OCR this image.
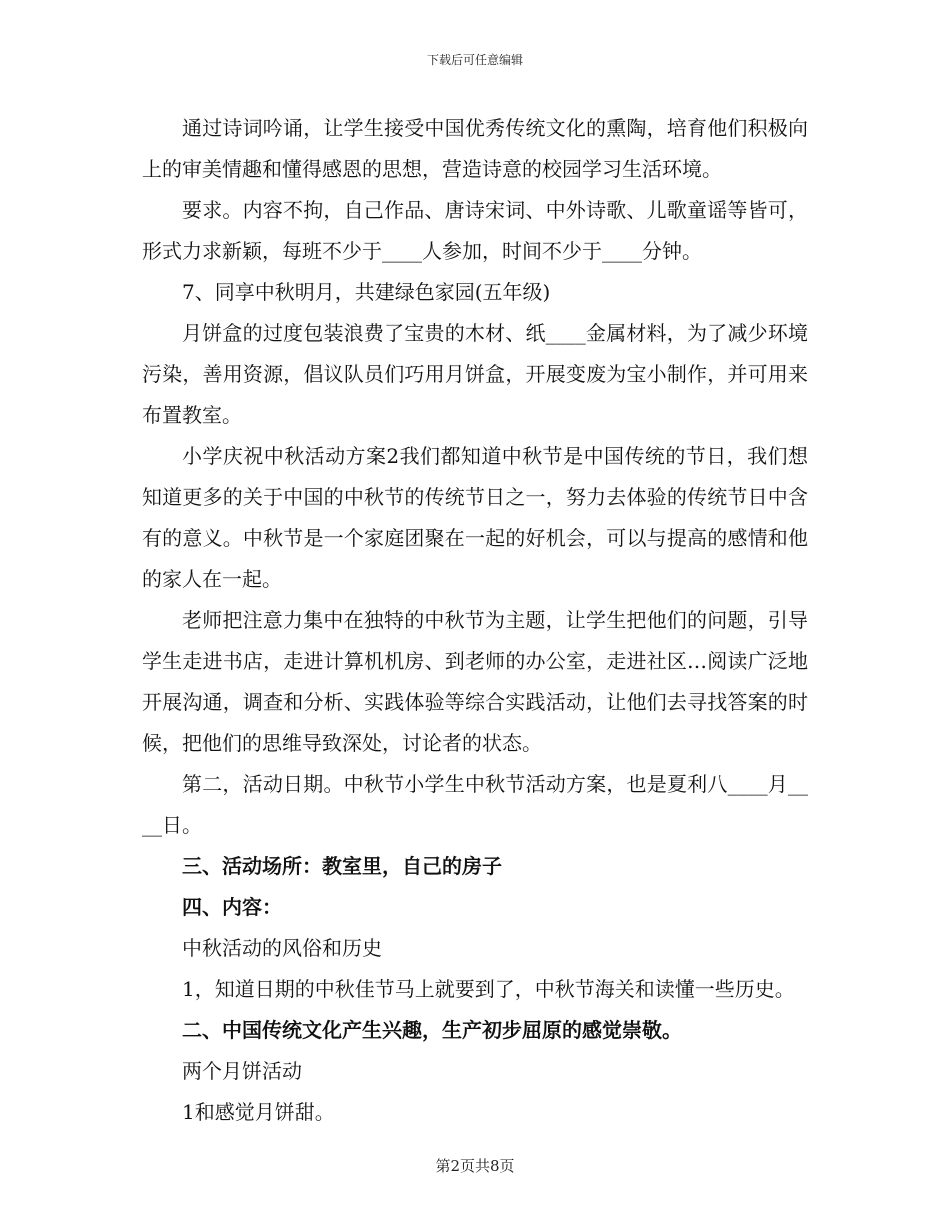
下载后可任意编辑

通过诗词吟诵，让学生接受中国优秀传统文化的熏陶，培育他们积极向上的审美情趣和懂得感恩的思想，营造诗意的校园学习生活环境。

要求。内容不拘，自己作品、唐诗宋词、中外诗歌、儿歌童谣等皆可，形式力求新颖，每班不少于____人参加，时间不少于____分钟。

7、同享中秋明月，共建绿色家园(五年级)

月饼盒的过度包装浪费了宝贵的木材、纸____金属材料，为了减少环境污染，善用资源，倡议队员们巧用月饼盒，开展变废为宝小制作，并可用来布置教室。

小学庆祝中秋活动方案2我们都知道中秋节是中国传统的节日，我们想知道更多的关于中国的中秋节的传统节日之一，努力去体验的传统节日中含有的意义。中秋节是一个家庭团聚在一起的好机会，可以与提高的感情和他的家人在一起。

老师把注意力集中在独特的中秋节为主题，让学生把他们的问题，引导学生走进书店，走进计算机机房、到老师的办公室，走进社区…阅读广泛地开展沟通，调查和分析、实践体验等综合实践活动，让他们去寻找答案的时候，把他们的思维导致深处，讨论者的状态。

第二，活动日期。中秋节小学生中秋节活动方案，也是夏利八____月____日。

三、活动场所：教室里，自己的房子

四、内容：

中秋活动的风俗和历史

1，知道日期的中秋佳节马上就要到了，中秋节海关和读懂一些历史。

二、中国传统文化产生兴趣，生产初步屈原的感觉崇敬。

两个月饼活动

1和感觉月饼甜。

第2页共8页
